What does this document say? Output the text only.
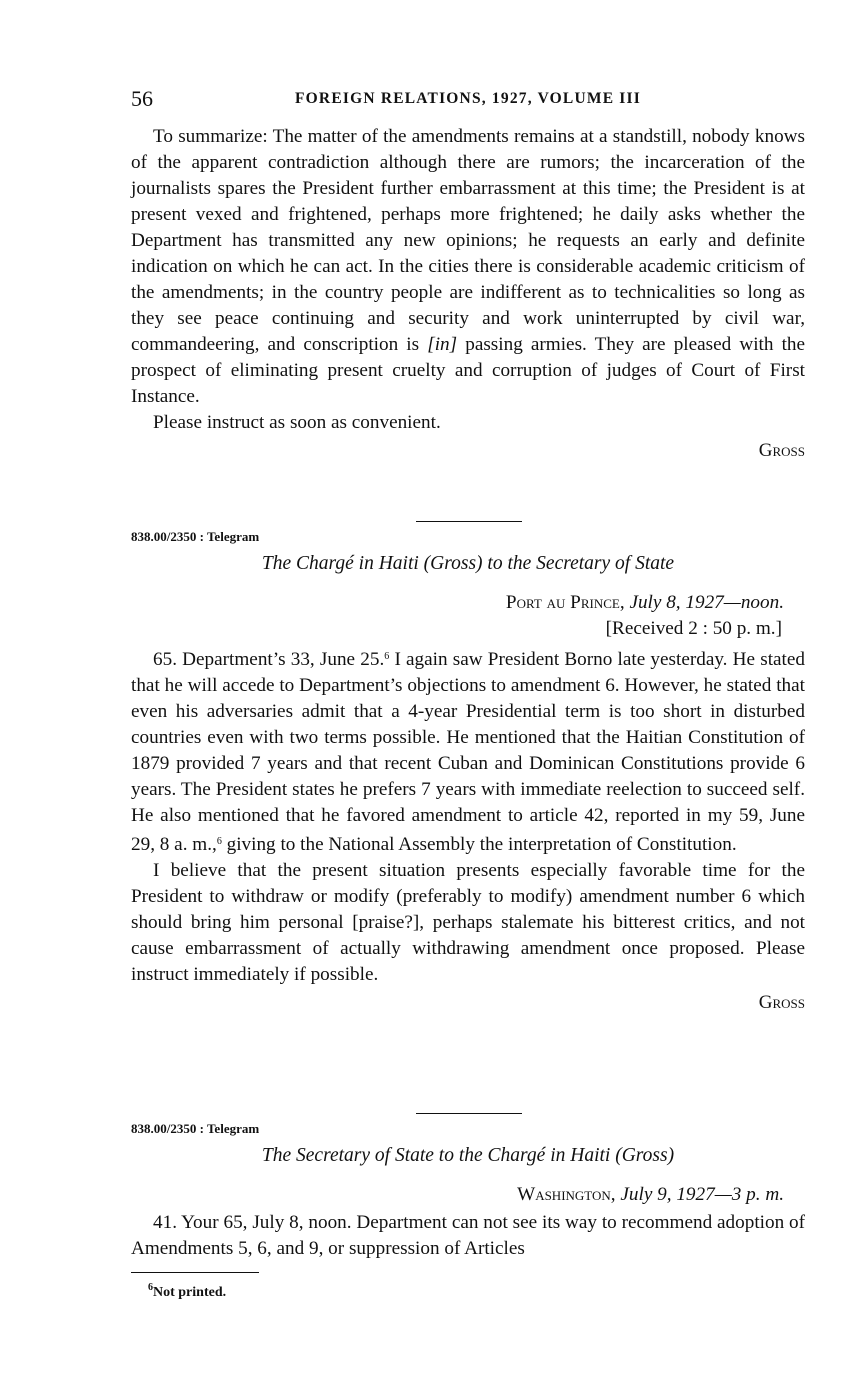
56	FOREIGN RELATIONS, 1927, VOLUME III

To summarize: The matter of the amendments remains at a standstill, nobody knows of the apparent contradiction although there are rumors; the incarceration of the journalists spares the President further embarrassment at this time; the President is at present vexed and frightened, perhaps more frightened; he daily asks whether the Department has transmitted any new opinions; he requests an early and definite indication on which he can act. In the cities there is considerable academic criticism of the amendments; in the country people are indifferent as to technicalities so long as they see peace continuing and security and work uninterrupted by civil war, commandeering, and conscription is [in] passing armies. They are pleased with the prospect of eliminating present cruelty and corruption of judges of Court of First Instance.

Please instruct as soon as convenient.

Gross

838.00/2350 : Telegram
The Chargé in Haiti (Gross) to the Secretary of State
Port au Prince, July 8, 1927—noon.
[Received 2 : 50 p. m.]

65. Department’s 33, June 25.$^6$ I again saw President Borno late yesterday. He stated that he will accede to Department’s objections to amendment 6. However, he stated that even his adversaries admit that a 4-year Presidential term is too short in disturbed countries even with two terms possible. He mentioned that the Haitian Constitution of 1879 provided 7 years and that recent Cuban and Dominican Constitutions provide 6 years. The President states he prefers 7 years with immediate reelection to succeed self. He also mentioned that he favored amendment to article 42, reported in my 59, June 29, 8 a. m.,$^6$ giving to the National Assembly the interpretation of Constitution.

I believe that the present situation presents especially favorable time for the President to withdraw or modify (preferably to modify) amendment number 6 which should bring him personal [praise?], perhaps stalemate his bitterest critics, and not cause embarrassment of actually withdrawing amendment once proposed. Please instruct immediately if possible.

Gross

838.00/2350 : Telegram
The Secretary of State to the Chargé in Haiti (Gross)
Washington, July 9, 1927—3 p. m.

41. Your 65, July 8, noon. Department can not see its way to recommend adoption of Amendments 5, 6, and 9, or suppression of Articles

$^6$Not printed.
